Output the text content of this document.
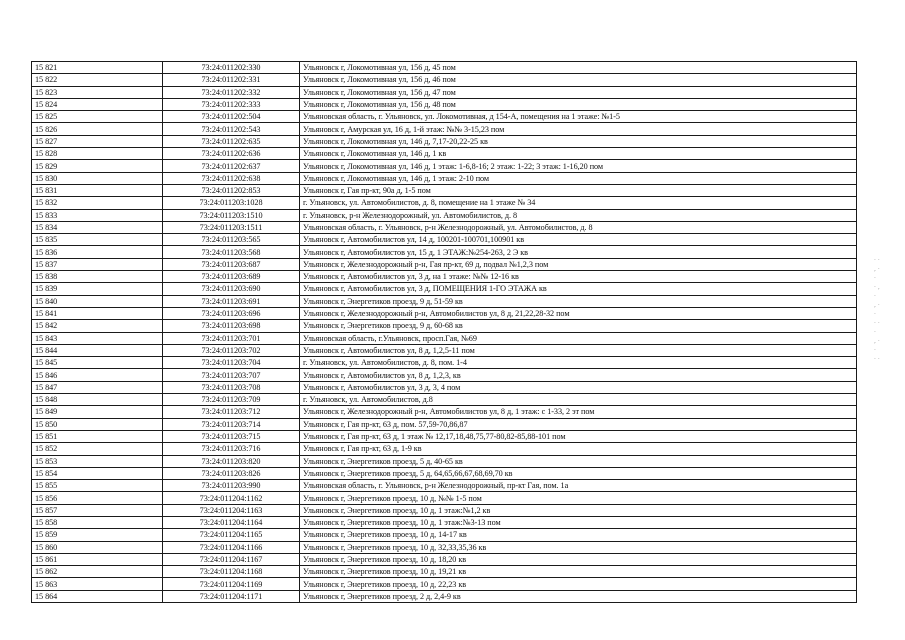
15 821	73:24:011202:330	Ульяновск г, Локомотивная ул, 156 д, 45 пом
15 822	73:24:011202:331	Ульяновск г, Локомотивная ул, 156 д, 46 пом
15 823	73:24:011202:332	Ульяновск г, Локомотивная ул, 156 д, 47 пом
15 824	73:24:011202:333	Ульяновск г, Локомотивная ул, 156 д, 48 пом
15 825	73:24:011202:504	Ульяновская область, г. Ульяновск, ул. Локомотивная, д 154-А, помещения на 1 этаже: №1-5
15 826	73:24:011202:543	Ульяновск г, Амурская ул, 16 д, 1-й этаж: №№ 3-15,23 пом
15 827	73:24:011202:635	Ульяновск г, Локомотивная ул, 146 д, 7,17-20,22-25 кв
15 828	73:24:011202:636	Ульяновск г, Локомотивная ул, 146 д, 1 кв
15 829	73:24:011202:637	Ульяновск г, Локомотивная ул, 146 д, 1 этаж: 1-6,8-16; 2 этаж: 1-22; 3 этаж: 1-16,20 пом
15 830	73:24:011202:638	Ульяновск г, Локомотивная ул, 146 д, 1 этаж: 2-10 пом
15 831	73:24:011202:853	Ульяновск г, Гая пр-кт, 90а д, 1-5 пом
15 832	73:24:011203:1028	г. Ульяновск, ул. Автомобилистов, д. 8, помещение на 1 этаже № 34
15 833	73:24:011203:1510	г. Ульяновск, р-н Железнодорожный, ул. Автомобилистов, д. 8
15 834	73:24:011203:1511	Ульяновская область, г. Ульяновск, р-н Железнодорожный, ул. Автомобилистов, д. 8
15 835	73:24:011203:565	Ульяновск г, Автомобилистов ул, 14 д, 100201-100701,100901 кв
15 836	73:24:011203:568	Ульяновск г, Автомобилистов ул, 15 д, 1 ЭТАЖ:№254-263, 2 Э кв
15 837	73:24:011203:687	Ульяновск г, Железнодорожный р-н, Гая пр-кт, 69 д, подвал №1,2,3 пом
15 838	73:24:011203:689	Ульяновск г, Автомобилистов ул, 3 д, на 1 этаже: №№ 12-16 кв
15 839	73:24:011203:690	Ульяновск г, Автомобилистов ул, 3 д, ПОМЕЩЕНИЯ 1-ГО ЭТАЖА кв
15 840	73:24:011203:691	Ульяновск г, Энергетиков проезд, 9 д, 51-59 кв
15 841	73:24:011203:696	Ульяновск г, Железнодорожный р-н, Автомобилистов ул, 8 д, 21,22,28-32 пом
15 842	73:24:011203:698	Ульяновск г, Энергетиков проезд, 9 д, 60-68 кв
15 843	73:24:011203:701	Ульяновская область, г.Ульяновск, просп.Гая, №69
15 844	73:24:011203:702	Ульяновск г, Автомобилистов ул, 8 д, 1,2,5-11 пом
15 845	73:24:011203:704	г. Ульяновск, ул. Автомобилистов, д. 8, пом. 1-4
15 846	73:24:011203:707	Ульяновск г, Автомобилистов ул, 8 д, 1,2,3, кв
15 847	73:24:011203:708	Ульяновск г, Автомобилистов ул, 3 д, 3, 4 пом
15 848	73:24:011203:709	г. Ульяновск, ул. Автомобилистов, д.8
15 849	73:24:011203:712	Ульяновск г, Железнодорожный р-н, Автомобилистов ул, 8 д, 1 этаж: с 1-33, 2 эт пом
15 850	73:24:011203:714	Ульяновск г, Гая пр-кт, 63 д, пом. 57,59-70,86,87
15 851	73:24:011203:715	Ульяновск г, Гая пр-кт, 63 д, 1 этаж № 12,17,18,48,75,77-80,82-85,88-101 пом
15 852	73:24:011203:716	Ульяновск г, Гая пр-кт, 63 д, 1-9 кв
15 853	73:24:011203:820	Ульяновск г, Энергетиков проезд, 5 д, 40-65 кв
15 854	73:24:011203:826	Ульяновск г, Энергетиков проезд, 5 д, 64,65,66,67,68,69,70 кв
15 855	73:24:011203:990	Ульяновская область, г. Ульяновск, р-н Железнодорожный, пр-кт Гая, пом. 1а
15 856	73:24:011204:1162	Ульяновск г, Энергетиков проезд, 10 д, №№ 1-5 пом
15 857	73:24:011204:1163	Ульяновск г, Энергетиков проезд, 10 д, 1 этаж:№1,2 кв
15 858	73:24:011204:1164	Ульяновск г, Энергетиков проезд, 10 д, 1 этаж:№3-13 пом
15 859	73:24:011204:1165	Ульяновск г, Энергетиков проезд, 10 д, 14-17 кв
15 860	73:24:011204:1166	Ульяновск г, Энергетиков проезд, 10 д, 32,33,35,36 кв
15 861	73:24:011204:1167	Ульяновск г, Энергетиков проезд, 10 д, 18,20 кв
15 862	73:24:011204:1168	Ульяновск г, Энергетиков проезд, 10 д, 19,21 кв
15 863	73:24:011204:1169	Ульяновск г, Энергетиков проезд, 10 д, 22,23 кв
15 864	73:24:011204:1171	Ульяновск г, Энергетиков проезд, 2 д, 2,4-9 кв
· ·
, ·
·
· ,
·
, ·
·
· ·
·
, ·
·
· ·
